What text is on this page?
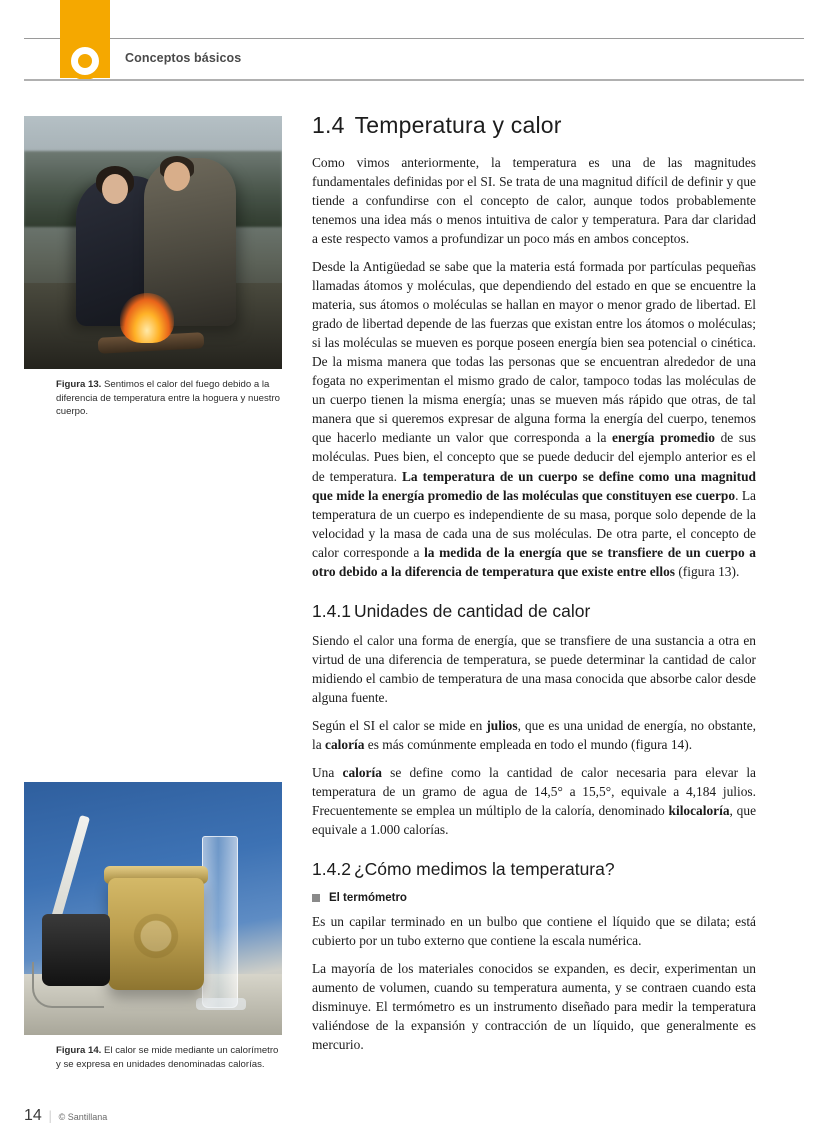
Conceptos básicos
Figura 13. Sentimos el calor del fuego debido a la diferencia de temperatura entre la hoguera y nuestro cuerpo.
Figura 14. El calor se mide mediante un calorímetro y se expresa en unidades denominadas calorías.
1.4 Temperatura y calor

Como vimos anteriormente, la temperatura es una de las magnitudes fundamentales definidas por el SI. Se trata de una magnitud difícil de definir y que tiende a confundirse con el concepto de calor, aunque todos probablemente tenemos una idea más o menos intuitiva de calor y temperatura. Para dar claridad a este respecto vamos a profundizar un poco más en ambos conceptos.

Desde la Antigüedad se sabe que la materia está formada por partículas pequeñas llamadas átomos y moléculas, que dependiendo del estado en que se encuentre la materia, sus átomos o moléculas se hallan en mayor o menor grado de libertad. El grado de libertad depende de las fuerzas que existan entre los átomos o moléculas; si las moléculas se mueven es porque poseen energía bien sea potencial o cinética. De la misma manera que todas las personas que se encuentran alrededor de una fogata no experimentan el mismo grado de calor, tampoco todas las moléculas de un cuerpo tienen la misma energía; unas se mueven más rápido que otras, de tal manera que si queremos expresar de alguna forma la energía del cuerpo, tenemos que hacerlo mediante un valor que corresponda a la energía promedio de sus moléculas. Pues bien, el concepto que se puede deducir del ejemplo anterior es el de temperatura. La temperatura de un cuerpo se define como una magnitud que mide la energía promedio de las moléculas que constituyen ese cuerpo. La temperatura de un cuerpo es independiente de su masa, porque solo depende de la velocidad y la masa de cada una de sus moléculas. De otra parte, el concepto de calor corresponde a la medida de la energía que se transfiere de un cuerpo a otro debido a la diferencia de temperatura que existe entre ellos (figura 13).

1.4.1 Unidades de cantidad de calor

Siendo el calor una forma de energía, que se transfiere de una sustancia a otra en virtud de una diferencia de temperatura, se puede determinar la cantidad de calor midiendo el cambio de temperatura de una masa conocida que absorbe calor desde alguna fuente.

Según el SI el calor se mide en julios, que es una unidad de energía, no obstante, la caloría es más comúnmente empleada en todo el mundo (figura 14).

Una caloría se define como la cantidad de calor necesaria para elevar la temperatura de un gramo de agua de 14,5° a 15,5°, equivale a 4,184 julios. Frecuentemente se emplea un múltiplo de la caloría, denominado kilocaloría, que equivale a 1.000 calorías.

1.4.2 ¿Cómo medimos la temperatura?
El termómetro

Es un capilar terminado en un bulbo que contiene el líquido que se dilata; está cubierto por un tubo externo que contiene la escala numérica.

La mayoría de los materiales conocidos se expanden, es decir, experimentan un aumento de volumen, cuando su temperatura aumenta, y se contraen cuando esta disminuye. El termómetro es un instrumento diseñado para medir la temperatura valiéndose de la expansión y contracción de un líquido, que generalmente es mercurio.

14 | © Santillana
